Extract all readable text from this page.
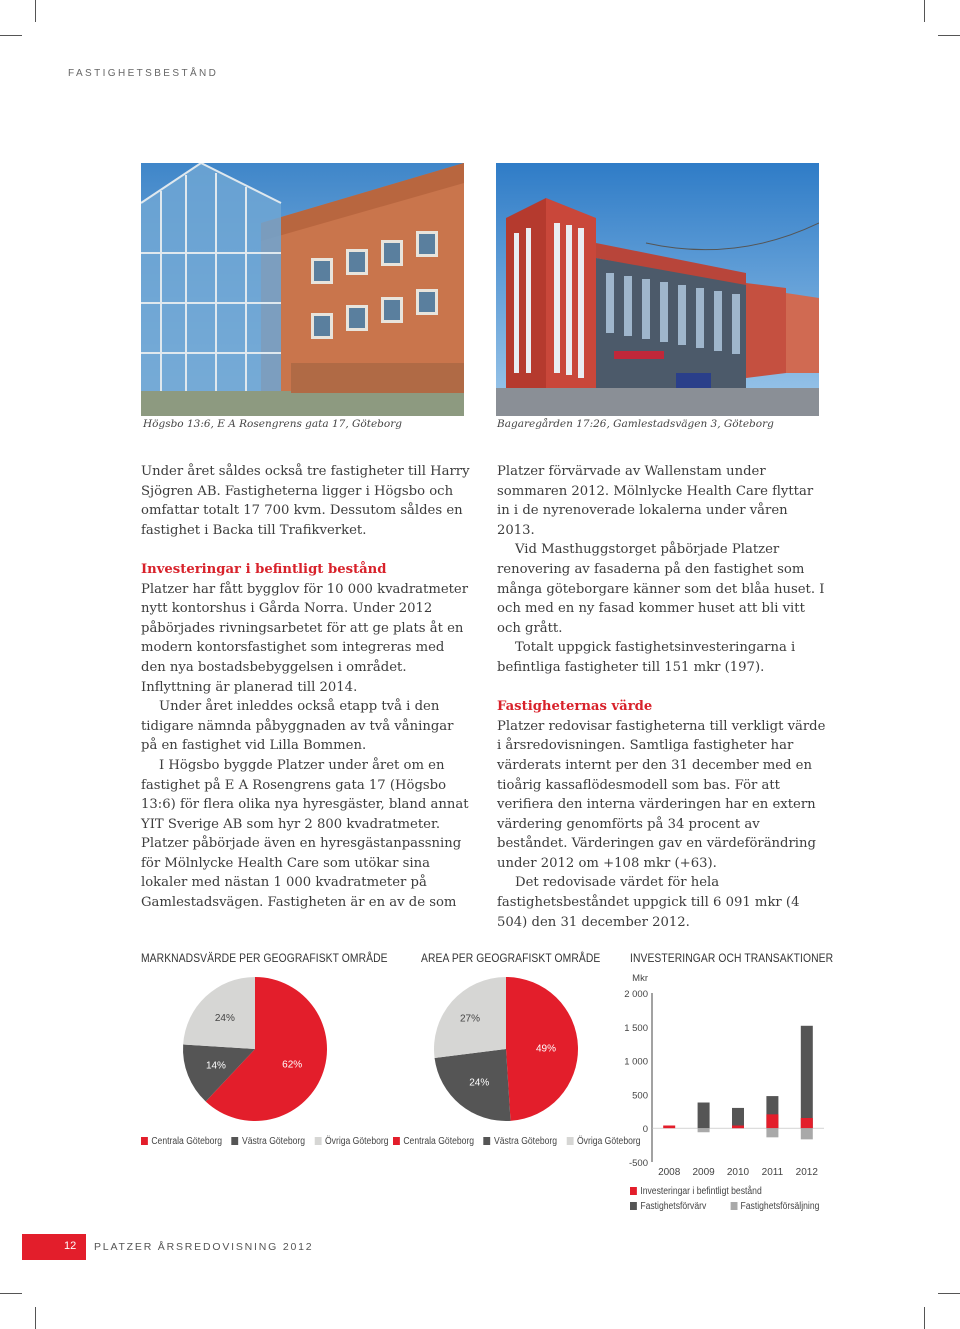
FASTIGHETSBESTÅND
Högsbo 13:6, E A Rosengrens gata 17, Göteborg	Bagaregården 17:26, Gamlestadsvägen 3, Göteborg

Under året såldes också tre fastigheter till Harry Sjögren AB. Fastigheterna ligger i Högsbo och omfattar totalt 17 700 kvm. Dessutom såldes en fastighet i Backa till Trafikverket.

Investeringar i befintligt bestånd

Platzer har fått bygglov för 10 000 kvadratmeter nytt kontorshus i Gårda Norra. Under 2012 påbörjades rivningsarbetet för att ge plats åt en modern kontorsfastighet som integreras med den nya bostadsbebyggelsen i området. Inflyttning är planerad till 2014.

Under året inleddes också etapp två i den tidigare nämnda påbyggnaden av två våningar på en fastighet vid Lilla Bommen.

I Högsbo byggde Platzer under året om en fastighet på E A Rosengrens gata 17 (Högsbo 13:6) för flera olika nya hyresgäster, bland annat YIT Sverige AB som hyr 2 800 kvadratmeter. Platzer påbörjade även en hyresgästanpassning för Mölnlycke Health Care som utökar sina lokaler med nästan 1 000 kvadratmeter på Gamlestadsvägen. Fastigheten är en av de som

Platzer förvärvade av Wallenstam under sommaren 2012. Mölnlycke Health Care flyttar in i de nyrenoverade lokalerna under våren 2013.

Vid Masthuggstorget påbörjade Platzer renovering av fasaderna på den fastighet som många göteborgare känner som det blåa huset. I och med en ny fasad kommer huset att bli vitt och grått.

Totalt uppgick fastighetsinvesteringarna i befintliga fastigheter till 151 mkr (197).

Fastigheternas värde

Platzer redovisar fastigheterna till verkligt värde i årsredovisningen. Samtliga fastigheter har värderats internt per den 31 december med en tioårig kassaflödesmodell som bas. För att verifiera den interna värderingen har en extern värdering genomförts på 34 procent av beståndet. Värderingen gav en värdeförändring under 2012 om +108 mkr (+63).

Det redovisade värdet för hela fastighetsbeståndet uppgick till 6 091 mkr (4 504) den 31 december 2012.

MARKNADSVÄRDE PER GEOGRAFISKT OMRÅDE	AREA PER GEOGRAFISKT OMRÅDE INVESTERINGAR OCH TRANSAKTIONER
62%
14%
24%
49%
24%
27%
Centrala Göteborg Västra Göteborg Övriga Göteborg	Centrala Göteborg Västra Göteborg Övriga Göteborg
Mkr
2 000
1 500
1 000
500
0
-500
2008 2009 2010 2011 2012
Investeringar i befintligt bestånd
Fastighetsförvärv	Fastighetsförsäljning
12 PLATZER ÅRSREDOVISNING 2012
